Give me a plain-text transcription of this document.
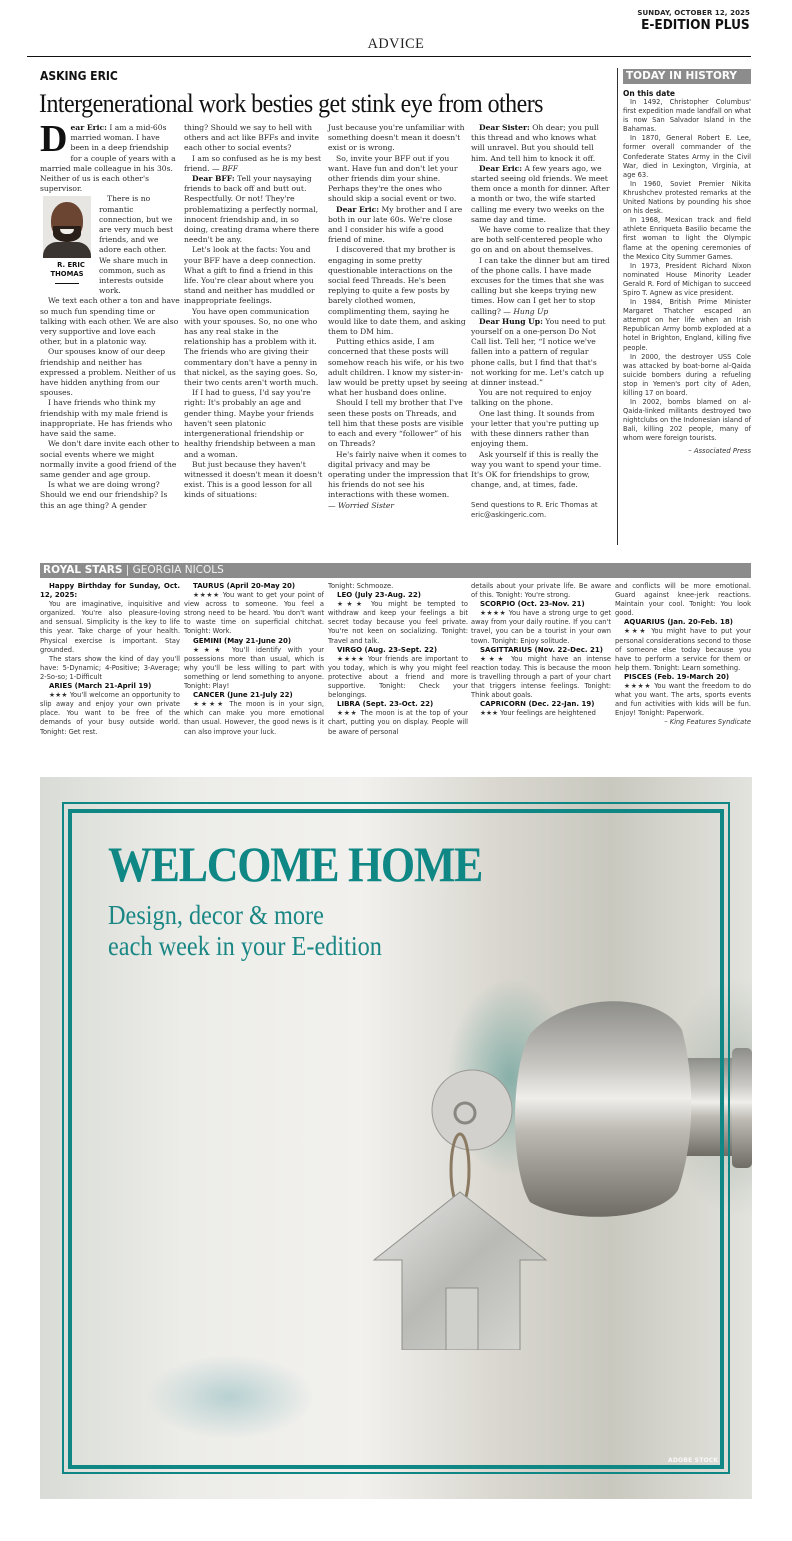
SUNDAY, OCTOBER 12, 2025
E-EDITION PLUS
ADVICE
ASKING ERIC
Intergenerational work besties get stink eye from others

Dear Eric: I am a mid-60s married woman. I have been in a deep friendship for a couple of years with a married male colleague in his 30s. Neither of us is each other's supervisor.

R. ERIC
THOMAS
There is no romantic connection, but we are very much best friends, and we adore each other. We share much in common, such as interests outside work.

We text each other a ton and have so much fun spending time or talking with each other. We are also very supportive and love each other, but in a platonic way.

Our spouses know of our deep friendship and neither has expressed a problem. Neither of us have hidden anything from our spouses.

I have friends who think my friendship with my male friend is inappropriate. He has friends who have said the same.

We don't dare invite each other to social events where we might normally invite a good friend of the same gender and age group.

Is what we are doing wrong? Should we end our friendship? Is this an age thing? A gender

thing? Should we say to hell with others and act like BFFs and invite each other to social events?

I am so confused as he is my best friend. — BFF

Dear BFF: Tell your naysaying friends to back off and butt out. Respectfully. Or not! They're problematizing a perfectly normal, innocent friendship and, in so doing, creating drama where there needn't be any.

Let's look at the facts: You and your BFF have a deep connection. What a gift to find a friend in this life. You're clear about where you stand and neither has muddled or inappropriate feelings.

You have open communication with your spouses. So, no one who has any real stake in the relationship has a problem with it. The friends who are giving their commentary don't have a penny in that nickel, as the saying goes. So, their two cents aren't worth much.

If I had to guess, I'd say you're right: It's probably an age and gender thing. Maybe your friends haven't seen platonic intergenerational friendship or healthy friendship between a man and a woman.

But just because they haven't witnessed it doesn't mean it doesn't exist. This is a good lesson for all kinds of situations:

Just because you're unfamiliar with something doesn't mean it doesn't exist or is wrong.

So, invite your BFF out if you want. Have fun and don't let your other friends dim your shine. Perhaps they're the ones who should skip a social event or two.

Dear Eric: My brother and I are both in our late 60s. We're close and I consider his wife a good friend of mine.

I discovered that my brother is engaging in some pretty questionable interactions on the social feed Threads. He's been replying to quite a few posts by barely clothed women, complimenting them, saying he would like to date them, and asking them to DM him.

Putting ethics aside, I am concerned that these posts will somehow reach his wife, or his two adult children. I know my sister-in-law would be pretty upset by seeing what her husband does online.

Should I tell my brother that I've seen these posts on Threads, and tell him that these posts are visible to each and every “follower” of his on Threads?

He's fairly naive when it comes to digital privacy and may be operating under the impression that his friends do not see his interactions with these women.

— Worried Sister

Dear Sister: Oh dear; you pull this thread and who knows what will unravel. But you should tell him. And tell him to knock it off.

Dear Eric: A few years ago, we started seeing old friends. We meet them once a month for dinner. After a month or two, the wife started calling me every two weeks on the same day and time.

We have come to realize that they are both self-centered people who go on and on about themselves.

I can take the dinner but am tired of the phone calls. I have made excuses for the times that she was calling but she keeps trying new times. How can I get her to stop calling? — Hung Up

Dear Hung Up: You need to put yourself on a one-person Do Not Call list. Tell her, “I notice we've fallen into a pattern of regular phone calls, but I find that that's not working for me. Let's catch up at dinner instead.”

You are not required to enjoy talking on the phone.

One last thing. It sounds from your letter that you're putting up with these dinners rather than enjoying them.

Ask yourself if this is really the way you want to spend your time. It's OK for friendships to grow, change, and, at times, fade.

Send questions to R. Eric Thomas at eric@askingeric.com.
TODAY IN HISTORY
On this date

In 1492, Christopher Columbus' first expedition made landfall on what is now San Salvador Island in the Bahamas.

In 1870, General Robert E. Lee, former overall commander of the Confederate States Army in the Civil War, died in Lexington, Virginia, at age 63.

In 1960, Soviet Premier Nikita Khrushchev protested remarks at the United Nations by pounding his shoe on his desk.

In 1968, Mexican track and field athlete Enriqueta Basilio became the first woman to light the Olympic flame at the opening ceremonies of the Mexico City Summer Games.

In 1973, President Richard Nixon nominated House Minority Leader Gerald R. Ford of Michigan to succeed Spiro T. Agnew as vice president.

In 1984, British Prime Minister Margaret Thatcher escaped an attempt on her life when an Irish Republican Army bomb exploded at a hotel in Brighton, England, killing five people.

In 2000, the destroyer USS Cole was attacked by boat-borne al-Qaida suicide bombers during a refueling stop in Yemen's port city of Aden, killing 17 on board.

In 2002, bombs blamed on al-Qaida-linked militants destroyed two nightclubs on the Indonesian island of Bali, killing 202 people, many of whom were foreign tourists.

– Associated Press
ROYAL STARS | GEORGIA NICOLS

Happy Birthday for Sunday, Oct. 12, 2025:

You are imaginative, inquisitive and organized. You're also pleasure-loving and sensual. Simplicity is the key to life this year. Take charge of your health. Physical exercise is important. Stay grounded.

The stars show the kind of day you'll have: 5-Dynamic; 4-Positive; 3-Average; 2-So-so; 1-Difficult

ARIES (March 21-April 19)

★★★ You'll welcome an opportunity to slip away and enjoy your own private place. You want to be free of the demands of your busy outside world. Tonight: Get rest.

TAURUS (April 20-May 20)

★★★★ You want to get your point of view across to someone. You feel a strong need to be heard. You don't want to waste time on superficial chitchat. Tonight: Work.

GEMINI (May 21-June 20)

★★★ You'll identify with your possessions more than usual, which is why you'll be less willing to part with something or lend something to anyone. Tonight: Play!

CANCER (June 21-July 22)

★★★★ The moon is in your sign, which can make you more emotional than usual. However, the good news is it can also improve your luck.

Tonight: Schmooze.

LEO (July 23-Aug. 22)

★★★ You might be tempted to withdraw and keep your feelings a bit secret today because you feel private. You're not keen on socializing. Tonight: Travel and talk.

VIRGO (Aug. 23-Sept. 22)

★★★★ Your friends are important to you today, which is why you might feel protective about a friend and more supportive. Tonight: Check your belongings.

LIBRA (Sept. 23-Oct. 22)

★★★ The moon is at the top of your chart, putting you on display. People will be aware of personal

details about your private life. Be aware of this. Tonight: You're strong.

SCORPIO (Oct. 23-Nov. 21)

★★★★ You have a strong urge to get away from your daily routine. If you can't travel, you can be a tourist in your own town. Tonight: Enjoy solitude.

SAGITTARIUS (Nov. 22-Dec. 21)

★★★ You might have an intense reaction today. This is because the moon is travelling through a part of your chart that triggers intense feelings. Tonight: Think about goals.

CAPRICORN (Dec. 22-Jan. 19)

★★★ Your feelings are heightened

and conflicts will be more emotional. Guard against knee-jerk reactions. Maintain your cool. Tonight: You look good.

AQUARIUS (Jan. 20-Feb. 18)

★★★ You might have to put your personal considerations second to those of someone else today because you have to perform a service for them or help them. Tonight: Learn something.

PISCES (Feb. 19-March 20)

★★★★ You want the freedom to do what you want. The arts, sports events and fun activities with kids will be fun. Enjoy! Tonight: Paperwork.

– King Features Syndicate

WELCOME HOME
Design, decor & more
each week in your E-edition
ADOBE STOCK
